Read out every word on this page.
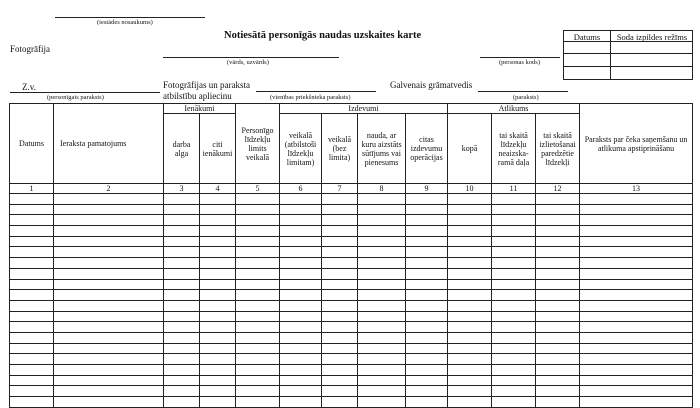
(iestādes nosaukums)
Notiesātā personīgās naudas uzskaites karte
Fotogrāfija
(vārds, uzvārds)	(personas kods)
Z.v.
(personīgais paraksts)
Fotogrāfijas un paraksta
atbilstību apliecinu	(vienības priekšnieka paraksts)
Galvenais grāmatvedis
(paraksts)
Datums	Soda izpildes režīms
Datums	Ieraksta pamatojums	Ienākumi		Personīgo līdzekļu limits veikalā	Izdevumi				Atlikums			Paraksts par čeka saņemšanu un atlikuma apstiprināšanu
		darba alga	citi ienākumi		veikalā (atbilstoši līdzekļu limitam)	veikalā (bez limita)	nauda, ar kuru aizstāts sūtījums vai pienesums	citas izdevumu operācijas	kopā	tai skaitā līdzekļu neaizska-ramā daļa	tai skaitā izlietošanai paredzētie līdzekļi	
1	2	3	4	5	6	7	8	9	10	11	12	13
